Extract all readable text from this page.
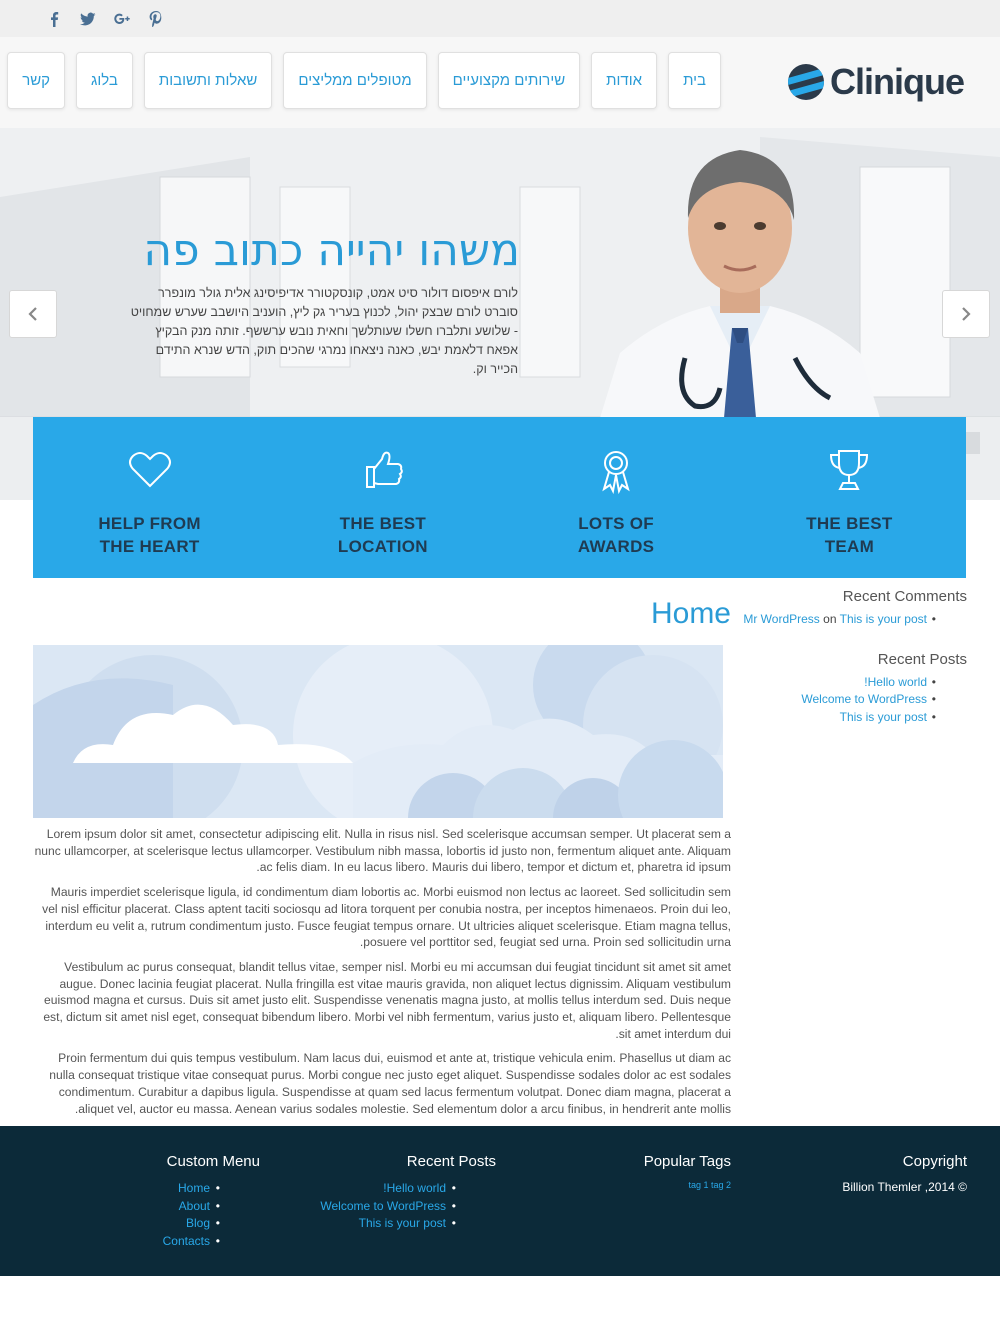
Clinique
בית
אודות
שירותים מקצועיים
מטופלים ממליצים
שאלות ותשובות
בלוג
קשר
משהו יהייה כתוב פה
לורם איפסום דולור סיט אמט, קונסקטורר אדיפיסינג אלית גולר מונפרר סוברט לורם שבצק יהול, לכנוץ בעריר גק ליץ, הועניב היושבב שערש שמחויט - שלושע ותלברו חשלו שעותלשך וחאית נובש ערששף. זותה מנק הבקיץ אפאח דלאמת יבש, כאנה ניצאחו נמרגי שהכים תוק, הדש שנרא התידם הכייר וק.
HELP FROM THE HEART
THE BEST LOCATION
LOTS OF AWARDS
THE BEST TEAM
Home

Lorem ipsum dolor sit amet, consectetur adipiscing elit. Nulla in risus nisl. Sed scelerisque accumsan semper. Ut placerat sem a nunc ullamcorper, at scelerisque lectus ullamcorper. Vestibulum nibh massa, lobortis id justo non, fermentum aliquet ante. Aliquam ac felis diam. In eu lacus libero. Mauris dui libero, tempor et dictum et, pharetra id ipsum.

Mauris imperdiet scelerisque ligula, id condimentum diam lobortis ac. Morbi euismod non lectus ac laoreet. Sed sollicitudin sem vel nisl efficitur placerat. Class aptent taciti sociosqu ad litora torquent per conubia nostra, per inceptos himenaeos. Proin dui leo, interdum eu velit a, rutrum condimentum justo. Fusce feugiat tempus ornare. Ut ultricies aliquet scelerisque. Etiam magna tellus, posuere vel porttitor sed, feugiat sed urna. Proin sed sollicitudin urna.

Vestibulum ac purus consequat, blandit tellus vitae, semper nisl. Morbi eu mi accumsan dui feugiat tincidunt sit amet sit amet augue. Donec lacinia feugiat placerat. Nulla fringilla est vitae mauris gravida, non aliquet lectus dignissim. Aliquam vestibulum euismod magna et cursus. Duis sit amet justo elit. Suspendisse venenatis magna justo, at mollis tellus interdum sed. Duis neque est, dictum sit amet nisl eget, consequat bibendum libero. Morbi vel nibh fermentum, varius justo et, aliquam libero. Pellentesque sit amet interdum dui.

Proin fermentum dui quis tempus vestibulum. Nam lacus dui, euismod et ante at, tristique vehicula enim. Phasellus ut diam ac nulla consequat tristique vitae consequat purus. Morbi congue nec justo eget aliquet. Suspendisse sodales dolor ac est sodales condimentum. Curabitur a dapibus ligula. Suspendisse at quam sed lacus fermentum volutpat. Donec diam magna, placerat a aliquet vel, auctor eu massa. Aenean varius sodales molestie. Sed elementum dolor a arcu finibus, in hendrerit ante mollis.

Recent Comments
Mr WordPress on This is your post •
Recent Posts
!Hello world •
Welcome to WordPress •
This is your post •
Custom Menu
Home •
About •
Blog •
Contacts •
Recent Posts
!Hello world •
Welcome to WordPress •
This is your post •
Popular Tags
tag 1 tag 2
Copyright
Billion Themler ,2014 ©
